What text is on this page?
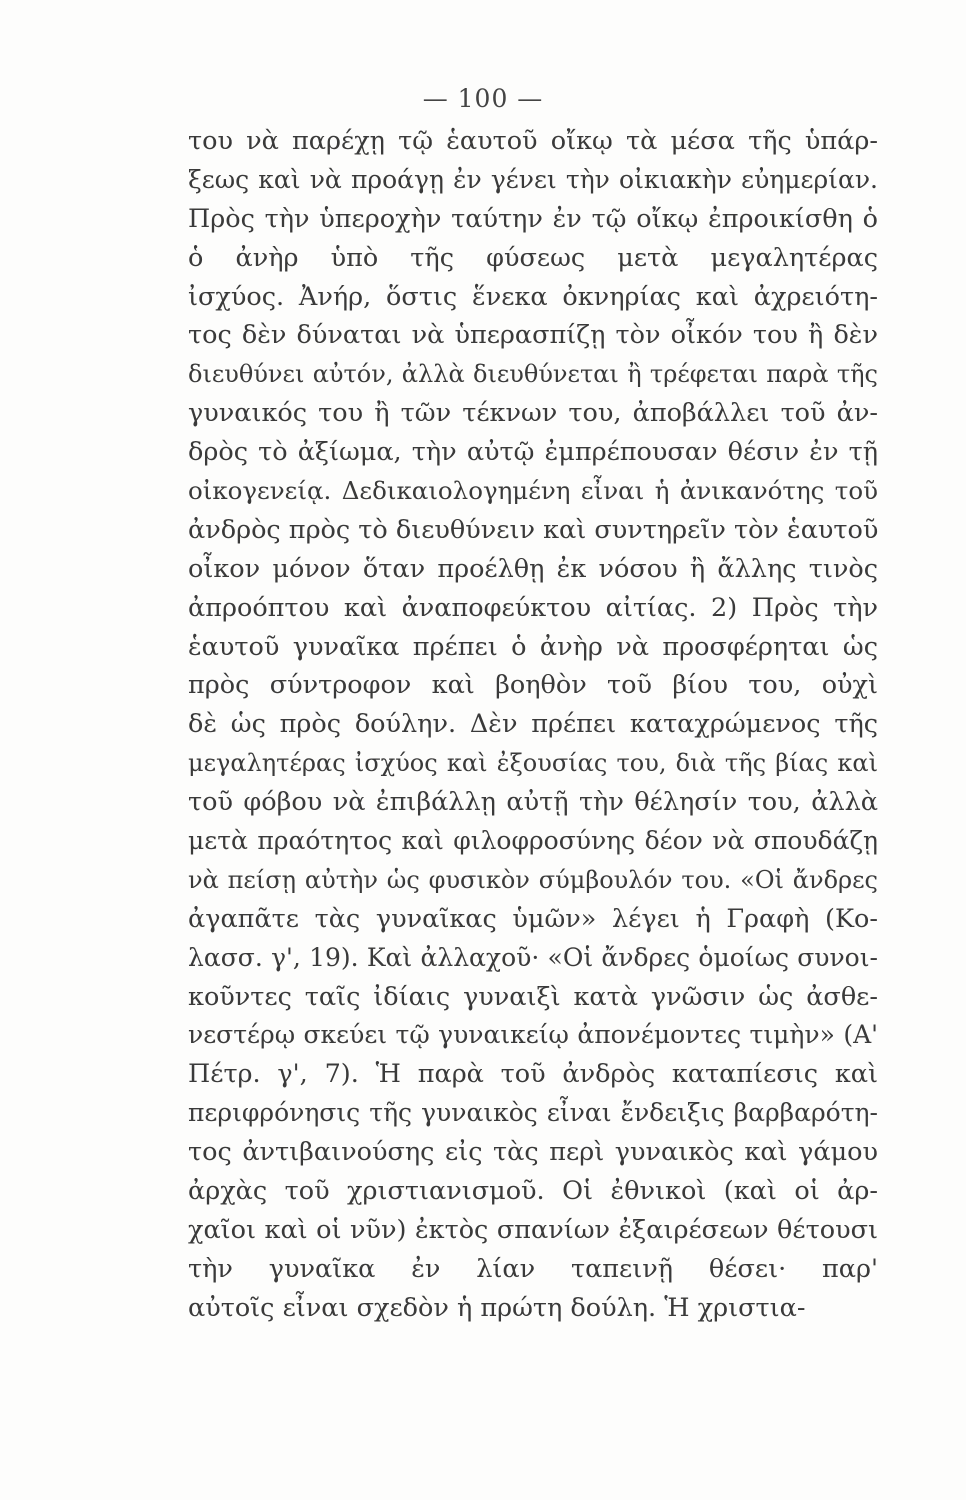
— 100 —
του νὰ παρέχῃ τῷ ἑαυτοῦ οἴκῳ τὰ μέσα τῆς ὑπάρ-
ξεως καὶ νὰ προάγῃ ἐν γένει τὴν οἰκιακὴν εὐημερίαν.
Πρὸς τὴν ὑπεροχὴν ταύτην ἐν τῷ οἴκῳ ἐπροικίσθη ὁ
ὁ ἀνὴρ ὑπὸ τῆς φύσεως μετὰ μεγαλητέρας
ἰσχύος. Ἀνήρ, ὅστις ἕνεκα ὀκνηρίας καὶ ἀχρειότη-
τος δὲν δύναται νὰ ὑπερασπίζῃ τὸν οἶκόν του ἢ δὲν
διευθύνει αὐτόν, ἀλλὰ διευθύνεται ἢ τρέφεται παρὰ τῆς
γυναικός του ἢ τῶν τέκνων του, ἀποβάλλει τοῦ ἀν-
δρὸς τὸ ἀξίωμα, τὴν αὐτῷ ἐμπρέπουσαν θέσιν ἐν τῇ
οἰκογενείᾳ. Δεδικαιολογημένη εἶναι ἡ ἀνικανότης τοῦ
ἀνδρὸς πρὸς τὸ διευθύνειν καὶ συντηρεῖν τὸν ἑαυτοῦ
οἶκον μόνον ὅταν προέλθῃ ἐκ νόσου ἢ ἄλλης τινὸς
ἀπροόπτου καὶ ἀναποφεύκτου αἰτίας. 2) Πρὸς τὴν
ἑαυτοῦ γυναῖκα πρέπει ὁ ἀνὴρ νὰ προσφέρηται ὡς
πρὸς σύντροφον καὶ βοηθὸν τοῦ βίου του, οὐχὶ
δὲ ὡς πρὸς δούλην. Δὲν πρέπει καταχρώμενος τῆς
μεγαλητέρας ἰσχύος καὶ ἐξουσίας του, διὰ τῆς βίας καὶ
τοῦ φόβου νὰ ἐπιβάλλῃ αὐτῇ τὴν θέλησίν του, ἀλλὰ
μετὰ πραότητος καὶ φιλοφροσύνης δέον νὰ σπουδάζῃ
νὰ πείσῃ αὐτὴν ὡς φυσικὸν σύμβουλόν του. «Οἱ ἄνδρες
ἀγαπᾶτε τὰς γυναῖκας ὑμῶν» λέγει ἡ Γραφὴ (Κο-
λασσ. γ', 19). Καὶ ἀλλαχοῦ· «Οἱ ἄνδρες ὁμοίως συνοι-
κοῦντες ταῖς ἰδίαις γυναιξὶ κατὰ γνῶσιν ὡς ἀσθε-
νεστέρῳ σκεύει τῷ γυναικείῳ ἀπονέμοντες τιμὴν» (Α'
Πέτρ. γ', 7). Ἡ παρὰ τοῦ ἀνδρὸς καταπίεσις καὶ
περιφρόνησις τῆς γυναικὸς εἶναι ἔνδειξις βαρβαρότη-
τος ἀντιβαινούσης εἰς τὰς περὶ γυναικὸς καὶ γάμου
ἀρχὰς τοῦ χριστιανισμοῦ. Οἱ ἐθνικοὶ (καὶ οἱ ἀρ-
χαῖοι καὶ οἱ νῦν) ἐκτὸς σπανίων ἐξαιρέσεων θέτουσι
τὴν γυναῖκα ἐν λίαν ταπεινῇ θέσει· παρ'
αὐτοῖς εἶναι σχεδὸν ἡ πρώτη δούλη. Ἡ χριστια-
